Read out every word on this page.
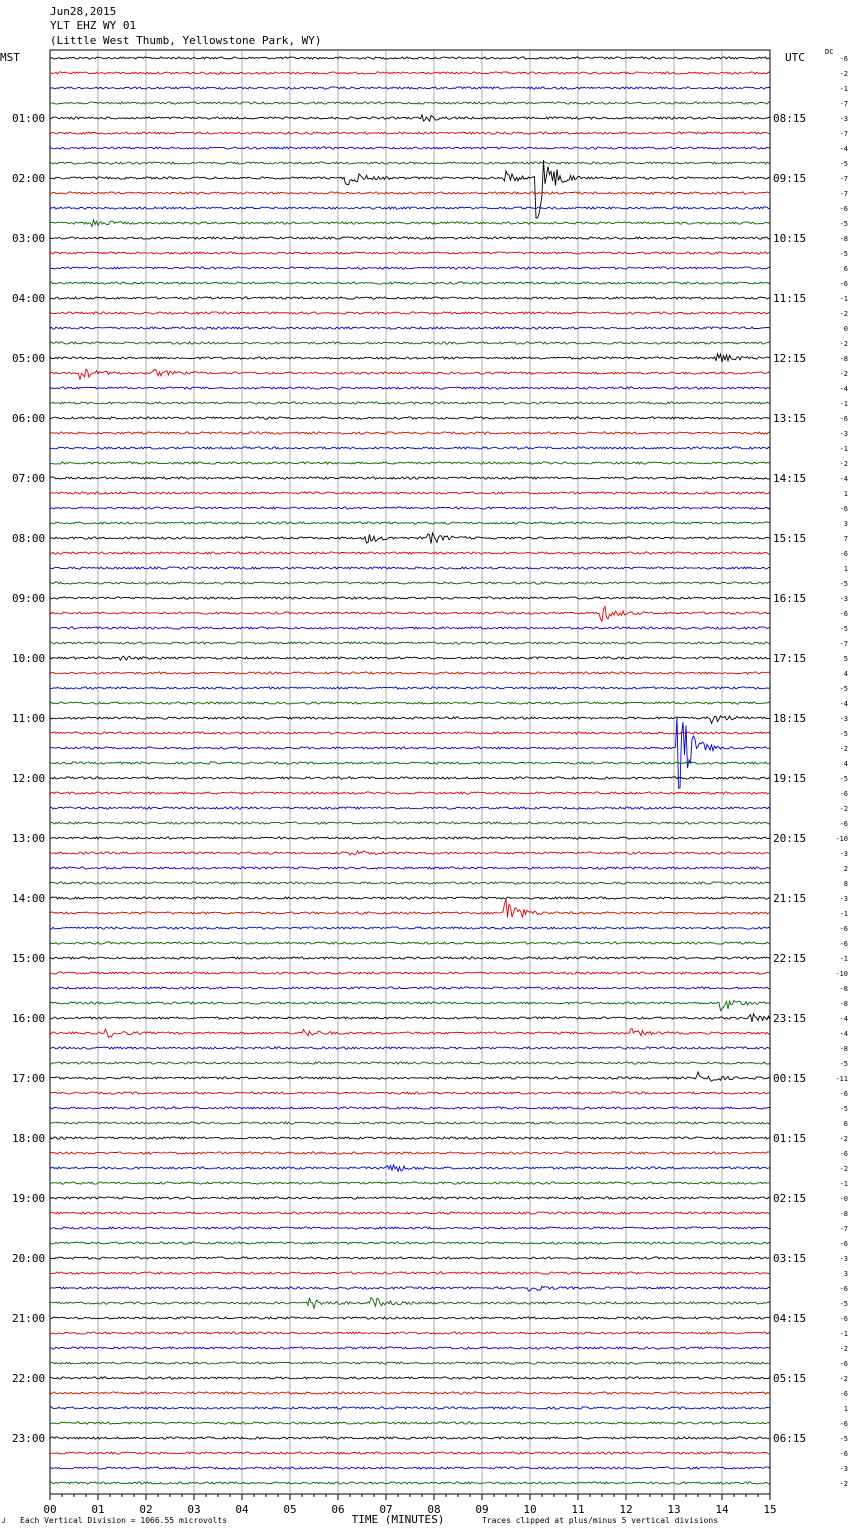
Jun28,2015
YLT EHZ WY 01
(Little West Thumb, Yellowstone Park, WY)
MST	UTC	DC
-6
-2
-1
-7
-3
-7
-4
-5
-7
-7
-6
-5
-8
-5
6
-6
-1
-2
0
-2
-8
-2
-4
-1
-6
-3
-1
-2
-4
1
-6
3
7
-6
1
-5
-3
-6
-5
-7
5
4
-5
-4
-3
-5
-2
4
-5
-6
-2
-6
-10
-3
2
8
-3
-1
-6
-6
-1
-10
-8
-8
-4
-4
-8
-5
-11
-6
-5
6
-2
-6
-2
-1
-0
-8
-7
-6
-3
3
-6
-5
-6
-1
-2
-6
-2
-6
1
-6
-5
-6
-3
-2
01:00	08:15
02:00	09:15
03:00	10:15
04:00	11:15
05:00	12:15
06:00	13:15
07:00	14:15
08:00	15:15
09:00	16:15
10:00	17:15
11:00	18:15
12:00	19:15
13:00	20:15
14:00	21:15
15:00	22:15
16:00	23:15
17:00	00:15
18:00	01:15
19:00	02:15
20:00	03:15
21:00	04:15
22:00	05:15
23:00	06:15
00	01	02	03	04	05	06	07	08	09	10	11	12	13	14	15
TIME (MINUTES)
┘ Each Vertical Division = 1066.55 microvolts	Traces clipped at plus/minus 5 vertical divisions
